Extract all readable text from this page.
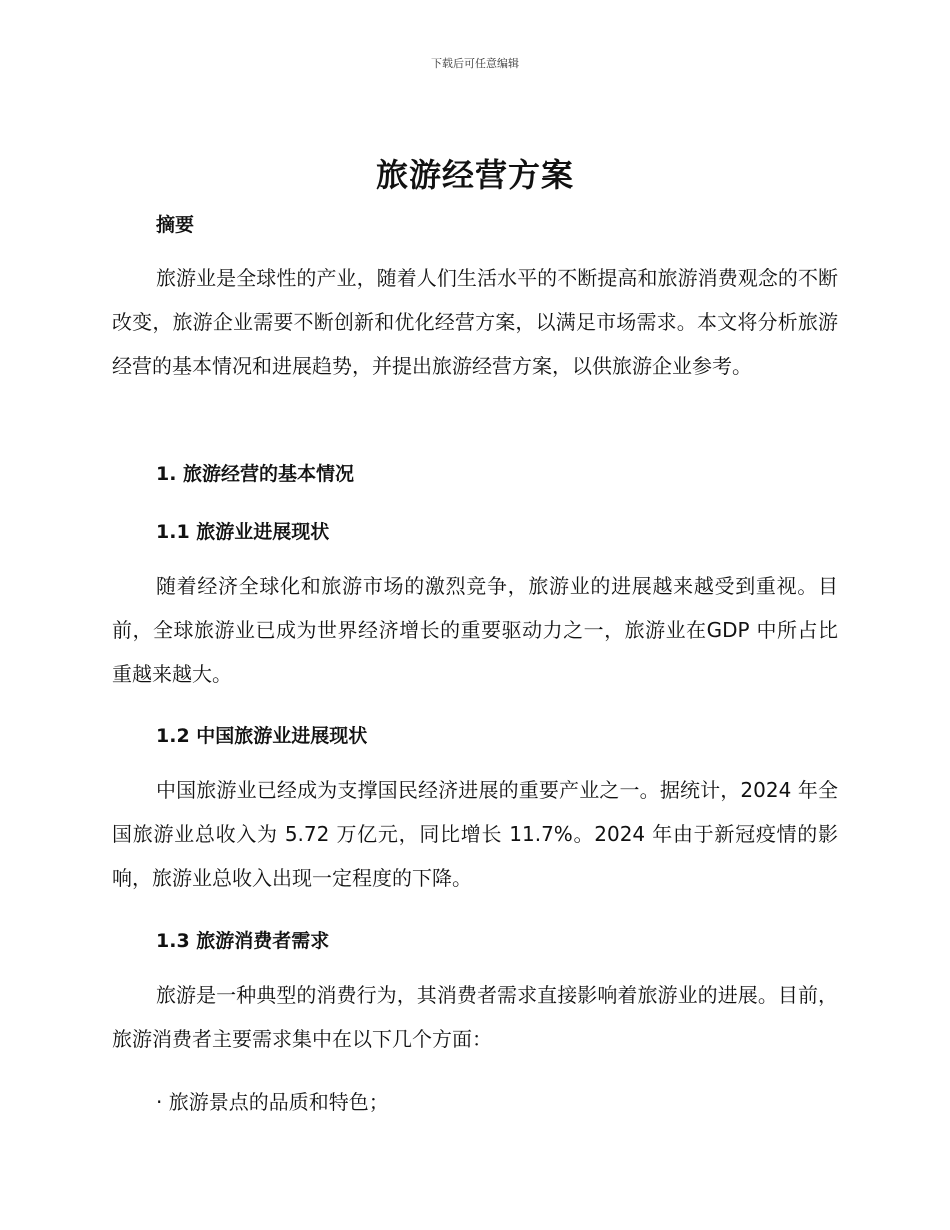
下载后可任意编辑
旅游经营方案
摘要

旅游业是全球性的产业，随着人们生活水平的不断提高和旅游消费观念的不断改变，旅游企业需要不断创新和优化经营方案，以满足市场需求。本文将分析旅游经营的基本情况和进展趋势，并提出旅游经营方案，以供旅游企业参考。

1. 旅游经营的基本情况
1.1 旅游业进展现状

随着经济全球化和旅游市场的激烈竞争，旅游业的进展越来越受到重视。目前，全球旅游业已成为世界经济增长的重要驱动力之一，旅游业在GDP 中所占比重越来越大。

1.2 中国旅游业进展现状

中国旅游业已经成为支撑国民经济进展的重要产业之一。据统计，2024 年全国旅游业总收入为 5.72 万亿元，同比增长 11.7%。2024 年由于新冠疫情的影响，旅游业总收入出现一定程度的下降。

1.3 旅游消费者需求

旅游是一种典型的消费行为，其消费者需求直接影响着旅游业的进展。目前，旅游消费者主要需求集中在以下几个方面：

· 旅游景点的品质和特色；
